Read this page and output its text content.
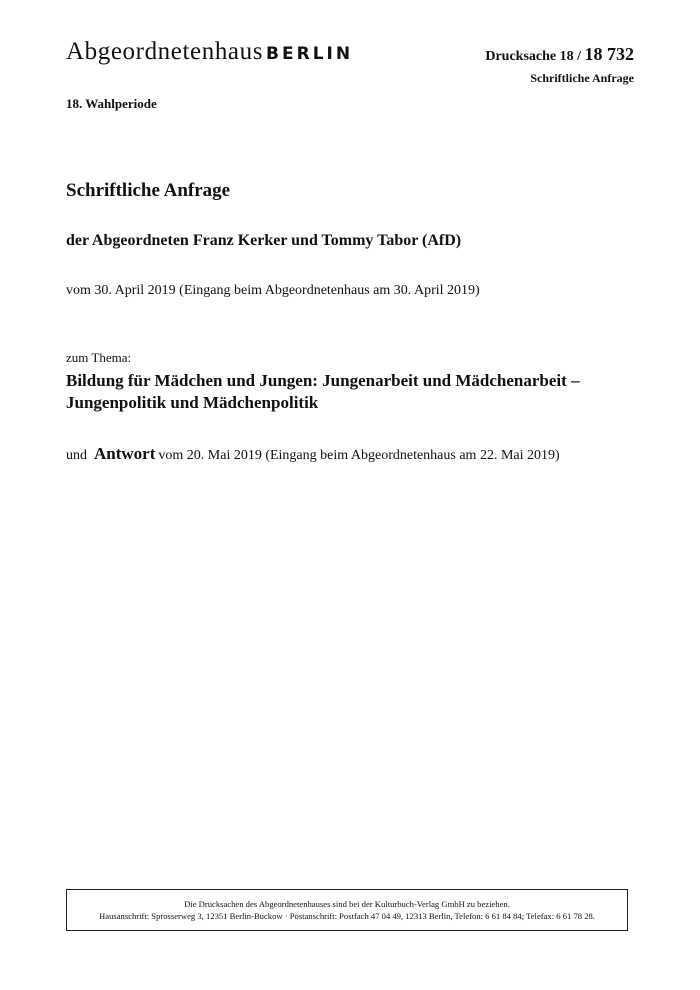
Abgeordnetenhaus BERLIN	Drucksache 18 / 18 732
Schriftliche Anfrage
18. Wahlperiode
Schriftliche Anfrage
der Abgeordneten Franz Kerker und Tommy Tabor (AfD)
vom 30. April 2019 (Eingang beim Abgeordnetenhaus am 30. April 2019)
zum Thema:
Bildung für Mädchen und Jungen: Jungenarbeit und Mädchenarbeit –
Jungenpolitik und Mädchenpolitik
und Antwort vom 20. Mai 2019 (Eingang beim Abgeordnetenhaus am 22. Mai 2019)
Die Drucksachen des Abgeordnetenhauses sind bei der Kulturbuch-Verlag GmbH zu beziehen.
Hausanschrift: Sprosserweg 3, 12351 Berlin-Buckow · Postanschrift: Postfach 47 04 49, 12313 Berlin, Telefon: 6 61 84 84; Telefax: 6 61 78 28.
